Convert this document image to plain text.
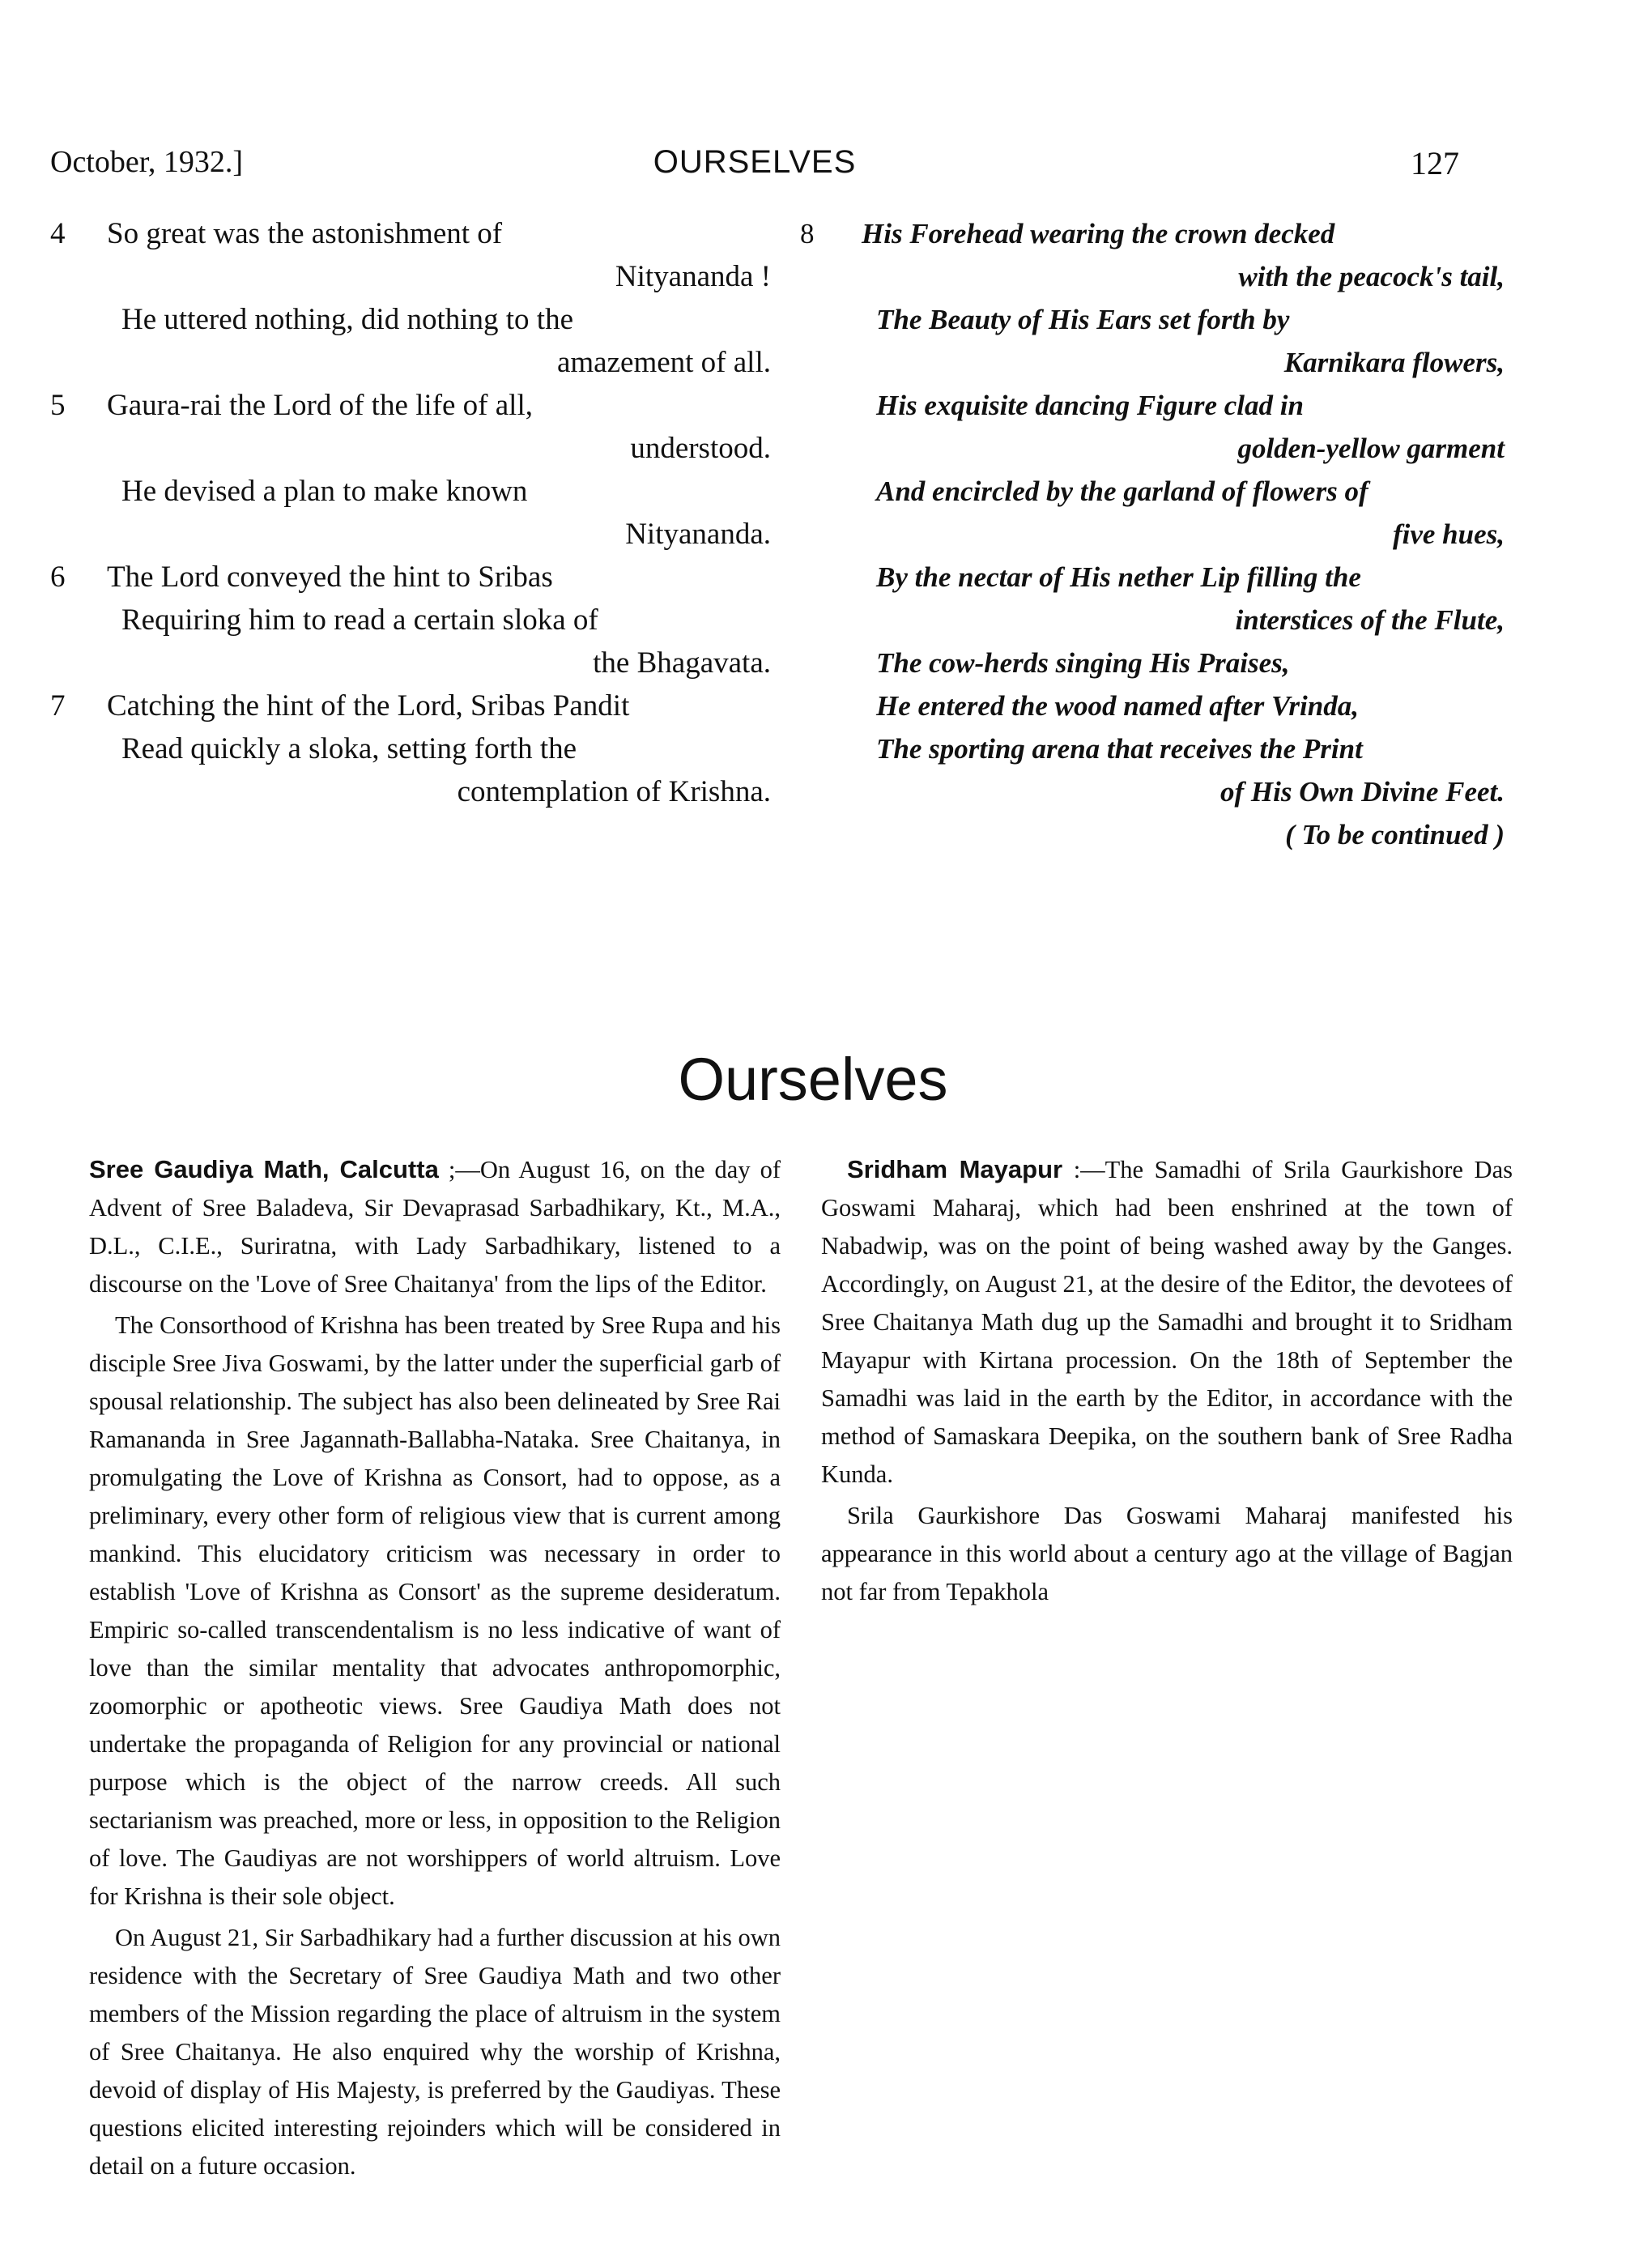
October, 1932.]	OURSELVES	127
4	So great was the astonishment of
Nityananda !
He uttered nothing, did nothing to the
amazement of all.
5	Gaura-rai the Lord of the life of all,
understood.
He devised a plan to make known
Nityananda.
6	The Lord conveyed the hint to Sribas
Requiring him to read a certain sloka of
the Bhagavata.
7	Catching the hint of the Lord, Sribas Pandit
Read quickly a sloka, setting forth the
contemplation of Krishna.
8	His Forehead wearing the crown decked
with the peacock's tail,
The Beauty of His Ears set forth by
Karnikara flowers,
His exquisite dancing Figure clad in
golden-yellow garment
And encircled by the garland of flowers of
five hues,
By the nectar of His nether Lip filling the
interstices of the Flute,
The cow-herds singing His Praises,
He entered the wood named after Vrinda,
The sporting arena that receives the Print
of His Own Divine Feet.
( To be continued )
Ourselves

Sree Gaudiya Math, Calcutta ;—On August 16, on the day of Advent of Sree Baladeva, Sir Devaprasad Sarbadhikary, Kt., M.A., D.L., C.I.E., Suriratna, with Lady Sarbadhikary, listened to a discourse on the 'Love of Sree Chaitanya' from the lips of the Editor.

The Consorthood of Krishna has been treated by Sree Rupa and his disciple Sree Jiva Goswami, by the latter under the superficial garb of spousal relationship. The subject has also been delineated by Sree Rai Ramananda in Sree Jagannath-Ballabha-Nataka. Sree Chaitanya, in promulgating the Love of Krishna as Consort, had to oppose, as a preliminary, every other form of religious view that is current among mankind. This elucidatory criticism was necessary in order to establish 'Love of Krishna as Consort' as the supreme desideratum. Empiric so-called transcendentalism is no less indicative of want of love than the similar mentality that advocates anthropomorphic, zoomorphic or apotheotic views. Sree Gaudiya Math does not undertake the propaganda of Religion for any provincial or national purpose which is the object of the narrow creeds. All such sectarianism was preached, more or less, in opposition to the Religion of love. The Gaudiyas are not worshippers of world altruism. Love for Krishna is their sole object.

On August 21, Sir Sarbadhikary had a further discussion at his own residence with the Secretary of Sree Gaudiya Math and two other members of the Mission regarding the place of altruism in the system of Sree Chaitanya. He also enquired why the worship of Krishna, devoid of display of His Majesty, is preferred by the Gaudiyas. These questions elicited interesting rejoinders which will be considered in detail on a future occasion.

Sridham Mayapur :—The Samadhi of Srila Gaurkishore Das Goswami Maharaj, which had been enshrined at the town of Nabadwip, was on the point of being washed away by the Ganges. Accordingly, on August 21, at the desire of the Editor, the devotees of Sree Chaitanya Math dug up the Samadhi and brought it to Sridham Mayapur with Kirtana procession. On the 18th of September the Samadhi was laid in the earth by the Editor, in accordance with the method of Samaskara Deepika, on the southern bank of Sree Radha Kunda.

Srila Gaurkishore Das Goswami Maharaj manifested his appearance in this world about a century ago at the village of Bagjan not far from Tepakhola
